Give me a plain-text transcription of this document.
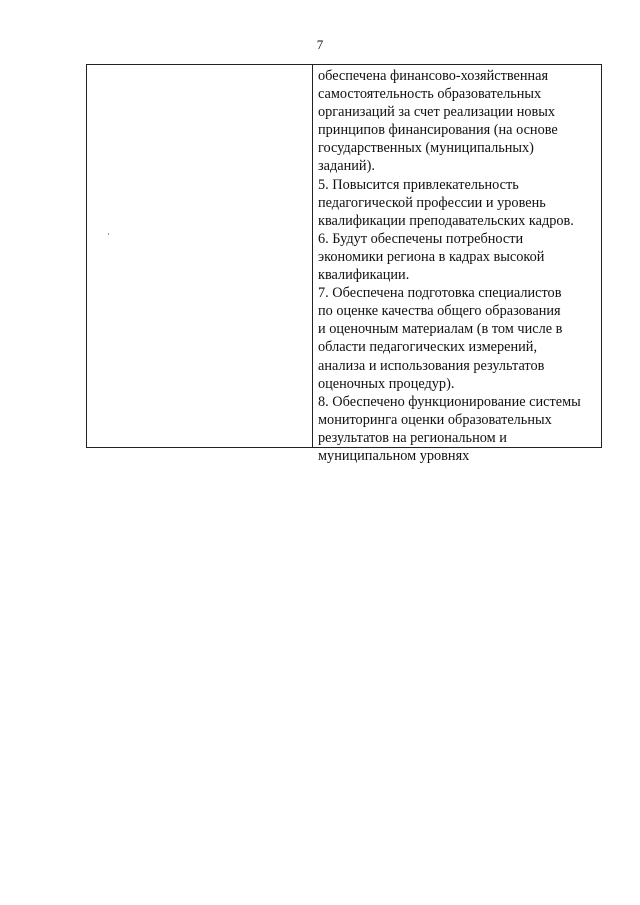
7
обеспечена финансово-хозяйственная
самостоятельность образовательных
организаций за счет реализации новых
принципов финансирования (на основе
государственных (муниципальных)
заданий).
5. Повысится привлекательность
педагогической профессии и уровень
квалификации преподавательских кадров.
6. Будут обеспечены потребности
экономики региона в кадрах высокой
квалификации.
7. Обеспечена подготовка специалистов
по оценке качества общего образования
и оценочным материалам (в том числе в
области педагогических измерений,
анализа и использования результатов
оценочных процедур).
8. Обеспечено функционирование системы
мониторинга оценки образовательных
результатов на региональном и
муниципальном уровнях
